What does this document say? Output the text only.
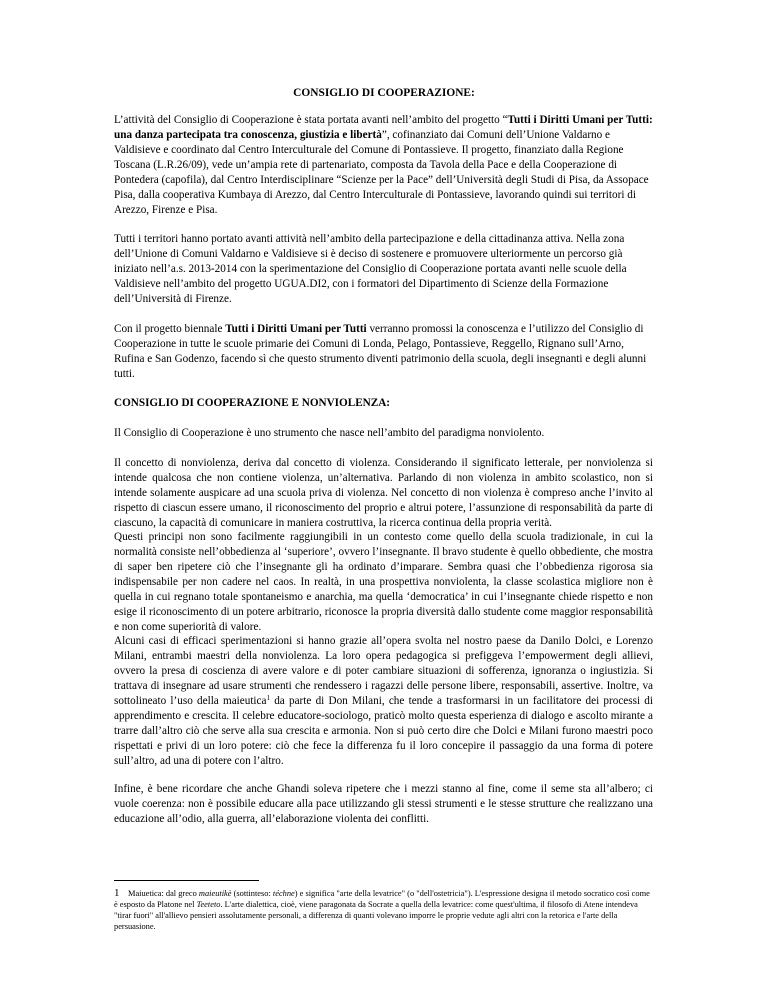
CONSIGLIO DI COOPERAZIONE:

L’attività del Consiglio di Cooperazione è stata portata avanti nell’ambito del progetto “Tutti i Diritti Umani per Tutti: una danza partecipata tra conoscenza, giustizia e libertà”, cofinanziato dai Comuni dell’Unione Valdarno e Valdisieve e coordinato dal Centro Interculturale del Comune di Pontassieve. Il progetto, finanziato dalla Regione Toscana (L.R.26/09), vede un’ampia rete di partenariato, composta da Tavola della Pace e della Cooperazione di Pontedera (capofila), dal Centro Interdisciplinare “Scienze per la Pace” dell’Università degli Studi di Pisa, da Assopace Pisa, dalla cooperativa Kumbaya di Arezzo, dal Centro Interculturale di Pontassieve, lavorando quindi sui territori di Arezzo, Firenze e Pisa.

Tutti i territori hanno portato avanti attività nell’ambito della partecipazione e della cittadinanza attiva. Nella zona dell’Unione di Comuni Valdarno e Valdisieve si è deciso di sostenere e promuovere ulteriormente un percorso già iniziato nell’a.s. 2013-2014 con la sperimentazione del Consiglio di Cooperazione portata avanti nelle scuole della Valdisieve nell’ambito del progetto UGUA.DI2, con i formatori del Dipartimento di Scienze della Formazione dell’Università di Firenze.

Con il progetto biennale Tutti i Diritti Umani per Tutti verranno promossi la conoscenza e l’utilizzo del Consiglio di Cooperazione in tutte le scuole primarie dei Comuni di Londa, Pelago, Pontassieve, Reggello, Rignano sull’Arno, Rufina e San Godenzo, facendo sì che questo strumento diventi patrimonio della scuola, degli insegnanti e degli alunni tutti.

CONSIGLIO DI COOPERAZIONE E NONVIOLENZA:

Il Consiglio di Cooperazione è uno strumento che nasce nell’ambito del paradigma nonviolento.

Il concetto di nonviolenza, deriva dal concetto di violenza. Considerando il significato letterale, per nonviolenza si intende qualcosa che non contiene violenza, un’alternativa. Parlando di non violenza in ambito scolastico, non si intende solamente auspicare ad una scuola priva di violenza. Nel concetto di non violenza è compreso anche l’invito al rispetto di ciascun essere umano, il riconoscimento del proprio e altrui potere, l’assunzione di responsabilità da parte di ciascuno, la capacità di comunicare in maniera costruttiva, la ricerca continua della propria verità.

Questi principi non sono facilmente raggiungibili in un contesto come quello della scuola tradizionale, in cui la normalità consiste nell’obbedienza al ‘superiore’, ovvero l’insegnante. Il bravo studente è quello obbediente, che mostra di saper ben ripetere ciò che l’insegnante gli ha ordinato d’imparare. Sembra quasi che l’obbedienza rigorosa sia indispensabile per non cadere nel caos. In realtà, in una prospettiva nonviolenta, la classe scolastica migliore non è quella in cui regnano totale spontaneismo e anarchia, ma quella ‘democratica’ in cui l’insegnante chiede rispetto e non esige il riconoscimento di un potere arbitrario, riconosce la propria diversità dallo studente come maggior responsabilità e non come superiorità di valore.

Alcuni casi di efficaci sperimentazioni si hanno grazie all’opera svolta nel nostro paese da Danilo Dolci, e Lorenzo Milani, entrambi maestri della nonviolenza. La loro opera pedagogica si prefiggeva l’empowerment degli allievi, ovvero la presa di coscienza di avere valore e di poter cambiare situazioni di sofferenza, ignoranza o ingiustizia. Si trattava di insegnare ad usare strumenti che rendessero i ragazzi delle persone libere, responsabili, assertive. Inoltre, va sottolineato l’uso della maieutica$^1$ da parte di Don Milani, che tende a trasformarsi in un facilitatore dei processi di apprendimento e crescita. Il celebre educatore-sociologo, praticò molto questa esperienza di dialogo e ascolto mirante a trarre dall’altro ciò che serve alla sua crescita e armonia. Non si può certo dire che Dolci e Milani furono maestri poco rispettati e privi di un loro potere: ciò che fece la differenza fu il loro concepire il passaggio da una forma di potere sull’altro, ad una di potere con l’altro.

Infine, è bene ricordare che anche Ghandi soleva ripetere che i mezzi stanno al fine, come il seme sta all’albero; ci vuole coerenza: non è possibile educare alla pace utilizzando gli stessi strumenti e le stesse strutture che realizzano una educazione all’odio, alla guerra, all’elaborazione violenta dei conflitti.

1	Maiuetica: dal greco maieutikè (sottinteso: téchne) e significa "arte della levatrice" (o "dell'ostetricia"). L'espressione designa il metodo socratico così come è esposto da Platone nel Teeteto. L'arte dialettica, cioè, viene paragonata da Socrate a quella della levatrice: come quest'ultima, il filosofo di Atene intendeva "tirar fuori" all'allievo pensieri assolutamente personali, a differenza di quanti volevano imporre le proprie vedute agli altri con la retorica e l'arte della persuasione.
